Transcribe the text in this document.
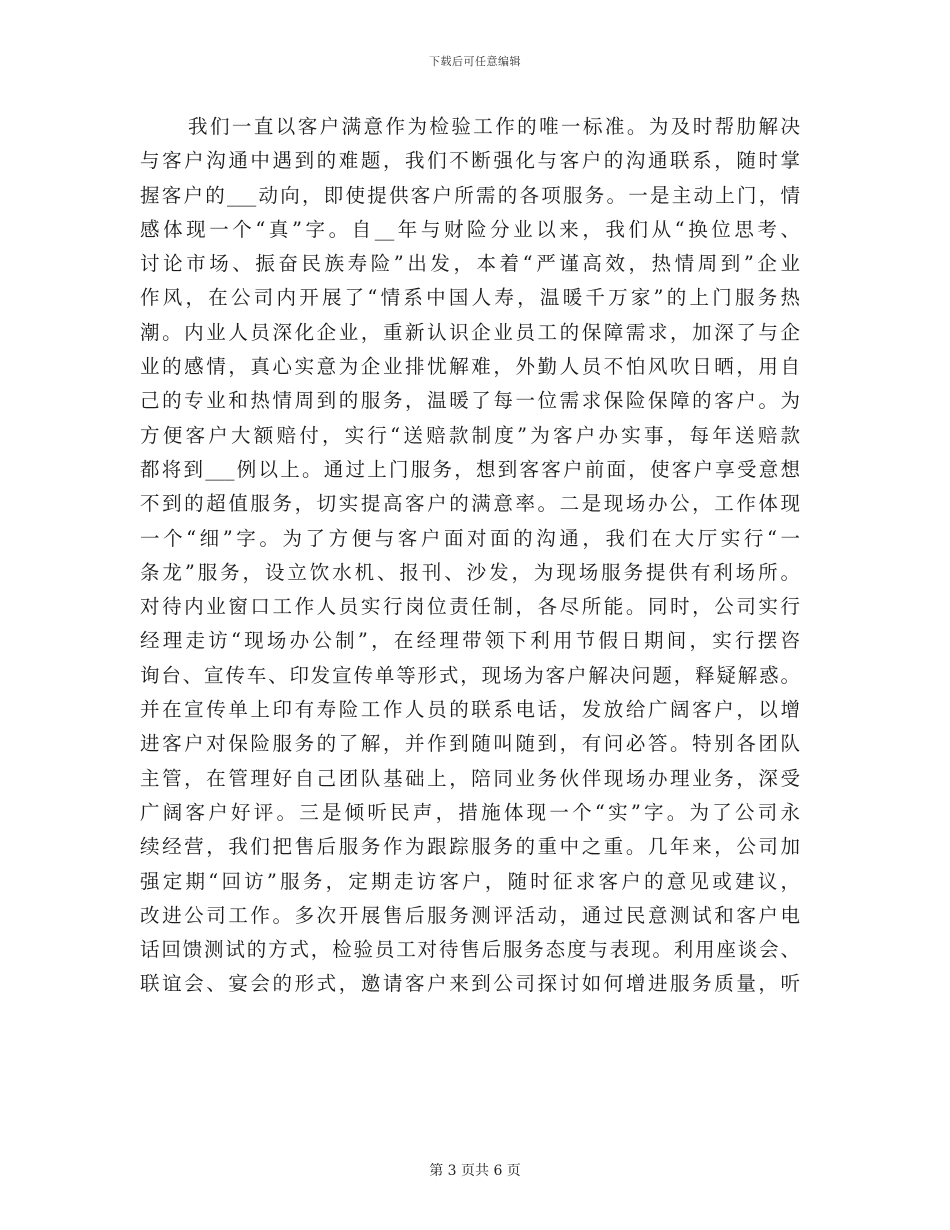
下载后可任意编辑
我们一直以客户满意作为检验工作的唯一标准。为及时帮肋解决
与客户沟通中遇到的难题，我们不断强化与客户的沟通联系，随时掌
握客户的___动向，即使提供客户所需的各项服务。一是主动上门，情
感体现一个“真”字。自__年与财险分业以来，我们从“换位思考、
讨论市场、振奋民族寿险”出发，本着“严谨高效，热情周到”企业
作风，在公司内开展了“情系中国人寿，温暖千万家”的上门服务热
潮。内业人员深化企业，重新认识企业员工的保障需求，加深了与企
业的感情，真心实意为企业排忧解难，外勤人员不怕风吹日晒，用自
己的专业和热情周到的服务，温暖了每一位需求保险保障的客户。为
方便客户大额赔付，实行“送赔款制度”为客户办实事，每年送赔款
都将到___例以上。通过上门服务，想到客客户前面，使客户享受意想
不到的超值服务，切实提高客户的满意率。二是现场办公，工作体现
一个“细”字。为了方便与客户面对面的沟通，我们在大厅实行“一
条龙”服务，设立饮水机、报刊、沙发，为现场服务提供有利场所。
对待内业窗口工作人员实行岗位责任制，各尽所能。同时，公司实行
经理走访“现场办公制”，在经理带领下利用节假日期间，实行摆咨
询台、宣传车、印发宣传单等形式，现场为客户解决问题，释疑解惑。
并在宣传单上印有寿险工作人员的联系电话，发放给广阔客户，以增
进客户对保险服务的了解，并作到随叫随到，有问必答。特别各团队
主管，在管理好自己团队基础上，陪同业务伙伴现场办理业务，深受
广阔客户好评。三是倾听民声，措施体现一个“实”字。为了公司永
续经营，我们把售后服务作为跟踪服务的重中之重。几年来，公司加
强定期“回访”服务，定期走访客户，随时征求客户的意见或建议，
改进公司工作。多次开展售后服务测评活动，通过民意测试和客户电
话回馈测试的方式，检验员工对待售后服务态度与表现。利用座谈会、
联谊会、宴会的形式，邀请客户来到公司探讨如何增进服务质量，听
第 3 页共 6 页
